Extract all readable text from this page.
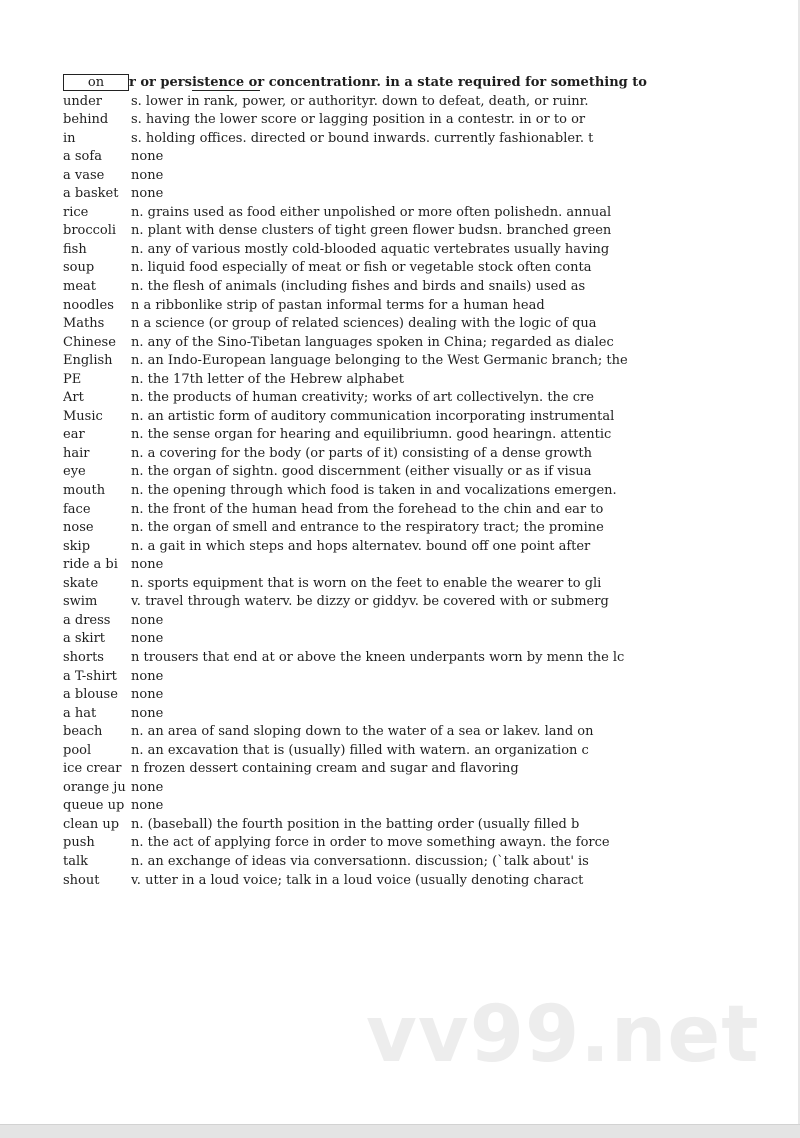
on	r or persistence or concentrationr. in a state required for something to
under	s. lower in rank, power, or authorityr. down to defeat, death, or ruinr.
behind	s. having the lower score or lagging position in a contestr. in or to or
in	s. holding offices. directed or bound inwards. currently fashionabler. t
a sofa	none
a vase	none
a basket none
rice	n. grains used as food either unpolished or more often polishedn. annual
broccoli	n. plant with dense clusters of tight green flower budsn. branched green
fish	n. any of various mostly cold-blooded aquatic vertebrates usually having
soup	n. liquid food especially of meat or fish or vegetable stock often conta
meat	n. the flesh of animals (including fishes and birds and snails) used as
noodles	n a ribbonlike strip of pastan informal terms for a human head
Maths	n a science (or group of related sciences) dealing with the logic of qua
Chinese	n. any of the Sino-Tibetan languages spoken in China; regarded as dialec
English	n. an Indo-European language belonging to the West Germanic branch; the
PE	n. the 17th letter of the Hebrew alphabet
Art	n. the products of human creativity; works of art collectivelyn. the cre
Music	n. an artistic form of auditory communication incorporating instrumental
ear	n. the sense organ for hearing and equilibriumn. good hearingn. attentic
hair	n. a covering for the body (or parts of it) consisting of a dense growth
eye	n. the organ of sightn. good discernment (either visually or as if visua
mouth	n. the opening through which food is taken in and vocalizations emergen.
face	n. the front of the human head from the forehead to the chin and ear to
nose	n. the organ of smell and entrance to the respiratory tract; the promine
skip	n. a gait in which steps and hops alternatev. bound off one point after
ride a bi	none
skate	n. sports equipment that is worn on the feet to enable the wearer to gli
swim	v. travel through waterv. be dizzy or giddyv. be covered with or submerg
a dress	none
a skirt	none
shorts	n trousers that end at or above the kneen underpants worn by menn the lc
a T-shirt	none
a blouse	none
a hat	none
beach	n. an area of sand sloping down to the water of a sea or lakev. land on
pool	n. an excavation that is (usually) filled with watern. an organization c
ice crear n frozen dessert containing cream and sugar and flavoring
orange ju none
queue up none
clean up n. (baseball) the fourth position in the batting order (usually filled b
push	n. the act of applying force in order to move something awayn. the force
talk	n. an exchange of ideas via conversationn. discussion; (`talk about' is
shout	v. utter in a loud voice; talk in a loud voice (usually denoting charact
vv99.net
